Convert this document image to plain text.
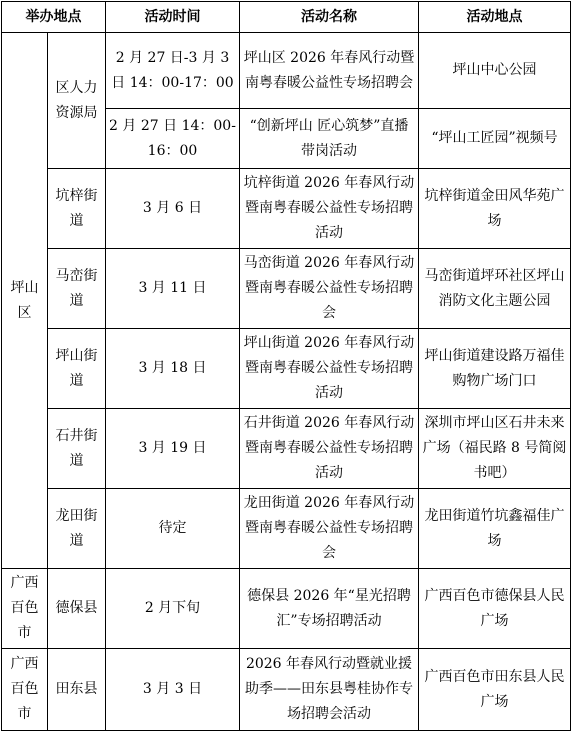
举办地点		活动时间	活动名称	活动地点
坪山区	区人力资源局	2 月 27 日-3 月 3 日 14：00-17：00	坪山区 2026 年春风行动暨南粤春暖公益性专场招聘会	坪山中心公园
		2 月 27 日 14：00-16：00	“创新坪山 匠心筑梦”直播带岗活动	“坪山工匠园”视频号
	坑梓街道	3 月 6 日	坑梓街道 2026 年春风行动暨南粤春暖公益性专场招聘活动	坑梓街道金田风华苑广场
	马峦街道	3 月 11 日	马峦街道 2026 年春风行动暨南粤春暖公益性专场招聘会	马峦街道坪环社区坪山消防文化主题公园
	坪山街道	3 月 18 日	坪山街道 2026 年春风行动暨南粤春暖公益性专场招聘活动	坪山街道建设路万福佳购物广场门口
	石井街道	3 月 19 日	石井街道 2026 年春风行动暨南粤春暖公益性专场招聘活动	深圳市坪山区石井未来广场（福民路 8 号简阅书吧）
	龙田街道	待定	龙田街道 2026 年春风行动暨南粤春暖公益性专场招聘会	龙田街道竹坑鑫福佳广场
广西百色市	德保县	2 月下旬	德保县 2026 年“星光招聘汇”专场招聘活动	广西百色市德保县人民广场
广西百色市	田东县	3 月 3 日	2026 年春风行动暨就业援助季——田东县粤桂协作专场招聘会活动	广西百色市田东县人民广场
